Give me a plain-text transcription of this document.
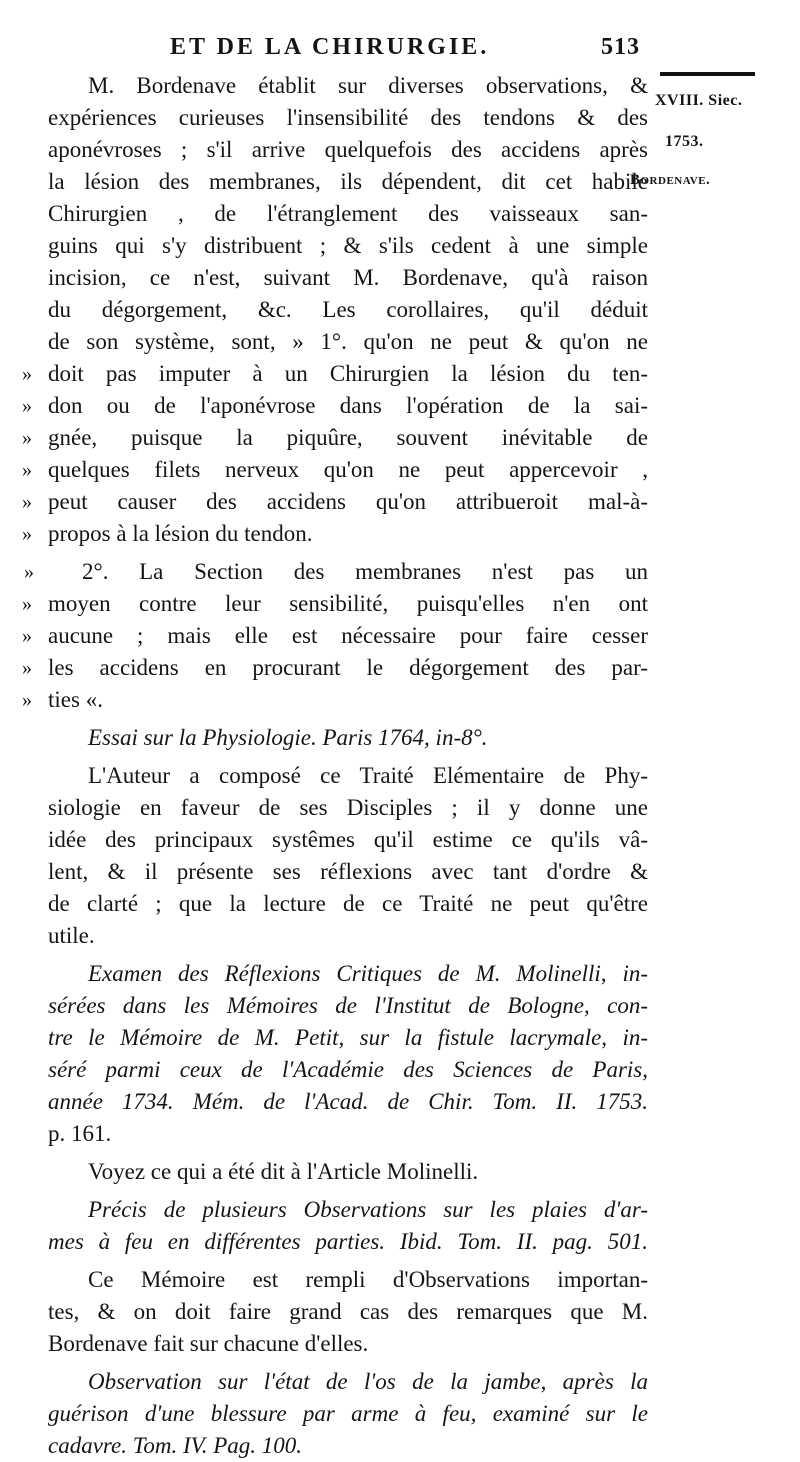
ET DE LA CHIRURGIE.	513
XVIII. Siec.
1753.
Bordenave.
M. Bordenave établit sur diverses observations, &
expériences curieuses l'insensibilité des tendons & des
aponévroses ; s'il arrive quelquefois des accidens après
la lésion des membranes, ils dépendent, dit cet habile
Chirurgien , de l'étranglement des vaisseaux san-
guins qui s'y distribuent ; & s'ils cedent à une simple
incision, ce n'est, suivant M. Bordenave, qu'à raison
du dégorgement, &c. Les corollaires, qu'il déduit
de son système, sont, » 1°. qu'on ne peut & qu'on ne
» doit pas imputer à un Chirurgien la lésion du ten-
» don ou de l'aponévrose dans l'opération de la sai-
» gnée, puisque la piquûre, souvent inévitable de
» quelques filets nerveux qu'on ne peut appercevoir ,
» peut causer des accidens qu'on attribueroit mal-à-
» propos à la lésion du tendon.
» 2°. La Section des membranes n'est pas un
» moyen contre leur sensibilité, puisqu'elles n'en ont
» aucune ; mais elle est nécessaire pour faire cesser
» les accidens en procurant le dégorgement des par-
» ties «.
Essai sur la Physiologie. Paris 1764, in-8°.
L'Auteur a composé ce Traité Elémentaire de Phy-
siologie en faveur de ses Disciples ; il y donne une
idée des principaux systêmes qu'il estime ce qu'ils vâ-
lent, & il présente ses réflexions avec tant d'ordre &
de clarté ; que la lecture de ce Traité ne peut qu'être
utile.
Examen des Réflexions Critiques de M. Molinelli, in-
sérées dans les Mémoires de l'Institut de Bologne, con-
tre le Mémoire de M. Petit, sur la fistule lacrymale, in-
séré parmi ceux de l'Académie des Sciences de Paris,
année 1734. Mém. de l'Acad. de Chir. Tom. II. 1753.
p. 161.
Voyez ce qui a été dit à l'Article Molinelli.
Précis de plusieurs Observations sur les plaies d'ar-
mes à feu en différentes parties. Ibid. Tom. II. pag. 501.
Ce Mémoire est rempli d'Observations importan-
tes, & on doit faire grand cas des remarques que M.
Bordenave fait sur chacune d'elles.
Observation sur l'état de l'os de la jambe, après la
guérison d'une blessure par arme à feu, examiné sur le
cadavre. Tom. IV. Pag. 100.
